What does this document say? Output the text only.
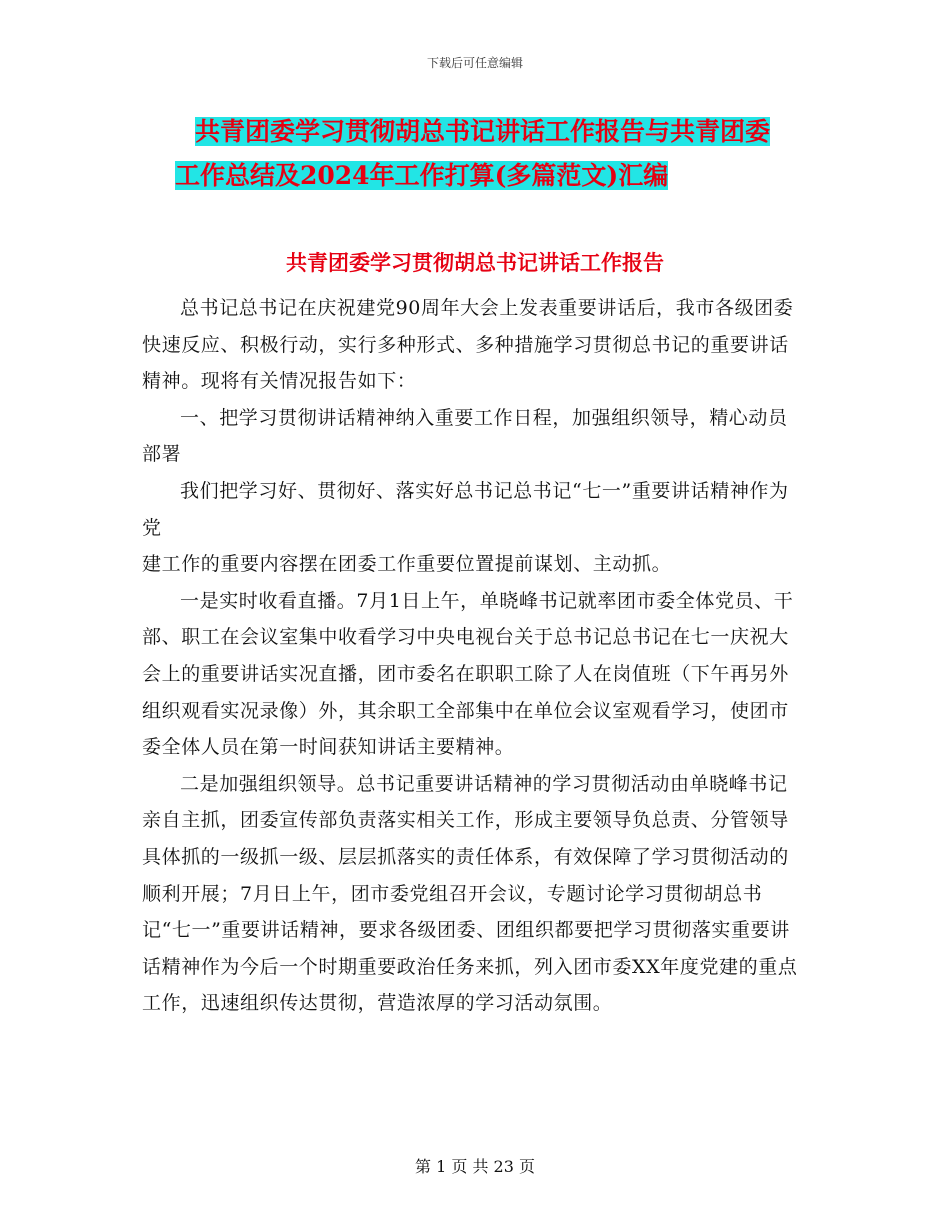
下载后可任意编辑
共青团委学习贯彻胡总书记讲话工作报告与共青团委
工作总结及2024年工作打算(多篇范文)汇编
共青团委学习贯彻胡总书记讲话工作报告

总书记总书记在庆祝建党90周年大会上发表重要讲话后，我市各级团委快速反应、积极行动，实行多种形式、多种措施学习贯彻总书记的重要讲话精神。现将有关情况报告如下：

一、把学习贯彻讲话精神纳入重要工作日程，加强组织领导，精心动员部署

我们把学习好、贯彻好、落实好总书记总书记“七一”重要讲话精神作为党

建工作的重要内容摆在团委工作重要位置提前谋划、主动抓。

一是实时收看直播。7月1日上午，单晓峰书记就率团市委全体党员、干部、职工在会议室集中收看学习中央电视台关于总书记总书记在七一庆祝大会上的重要讲话实况直播，团市委名在职职工除了人在岗值班（下午再另外组织观看实况录像）外，其余职工全部集中在单位会议室观看学习，使团市委全体人员在第一时间获知讲话主要精神。

二是加强组织领导。总书记重要讲话精神的学习贯彻活动由单晓峰书记亲自主抓，团委宣传部负责落实相关工作，形成主要领导负总责、分管领导具体抓的一级抓一级、层层抓落实的责任体系，有效保障了学习贯彻活动的顺利开展；7月日上午，团市委党组召开会议，专题讨论学习贯彻胡总书记“七一”重要讲话精神，要求各级团委、团组织都要把学习贯彻落实重要讲话精神作为今后一个时期重要政治任务来抓，列入团市委XX年度党建的重点工作，迅速组织传达贯彻，营造浓厚的学习活动氛围。

第 1 页 共 23 页
